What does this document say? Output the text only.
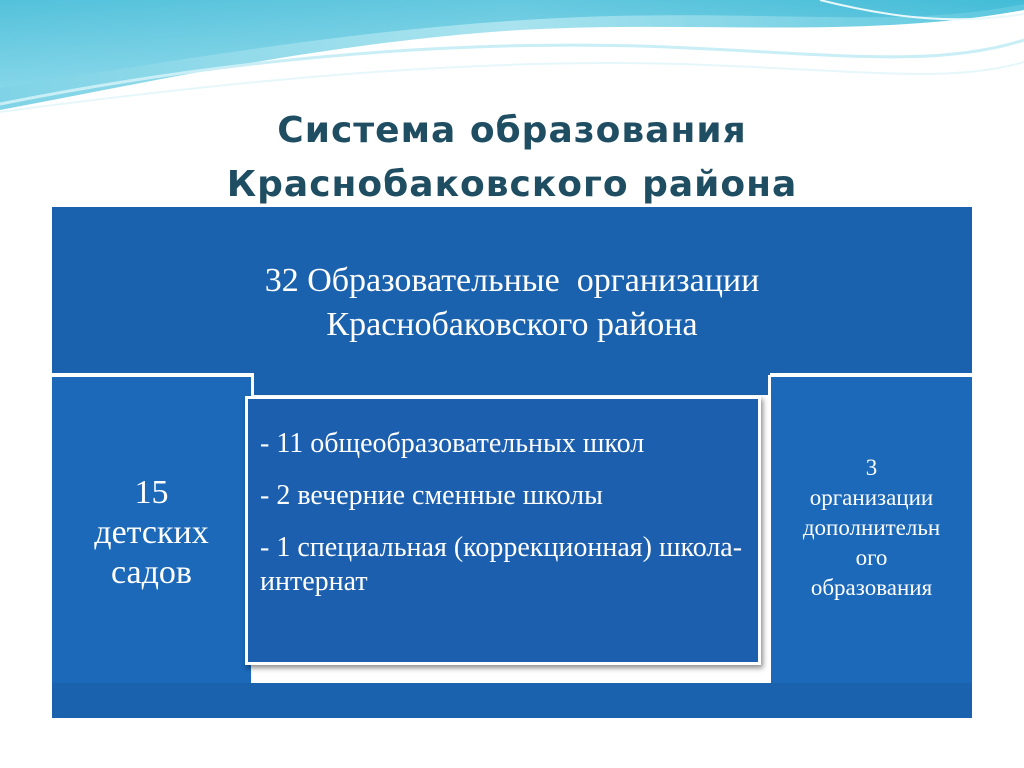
Система образования
Краснобаковского района
32 Образовательные  организации
Краснобаковского района
15
детских
садов
3
организации
дополнительн
ого
образования
- 11 общеобразовательных школ
- 2 вечерние сменные школы
- 1 специальная (коррекционная) школа-интернат
